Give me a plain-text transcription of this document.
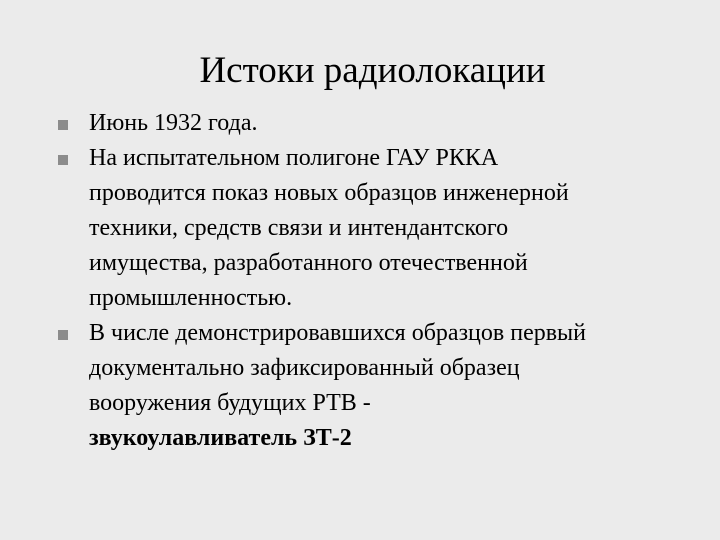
Истоки радиолокации
Июнь 1932 года.
На испытательном полигоне ГАУ РККА
проводится показ новых образцов инженерной
техники, средств связи и интендантского
имущества, разработанного отечественной
промышленностью.
В числе демонстрировавшихся образцов первый
документально зафиксированный образец
вооружения будущих РТВ -
звукоулавливатель ЗТ-2
